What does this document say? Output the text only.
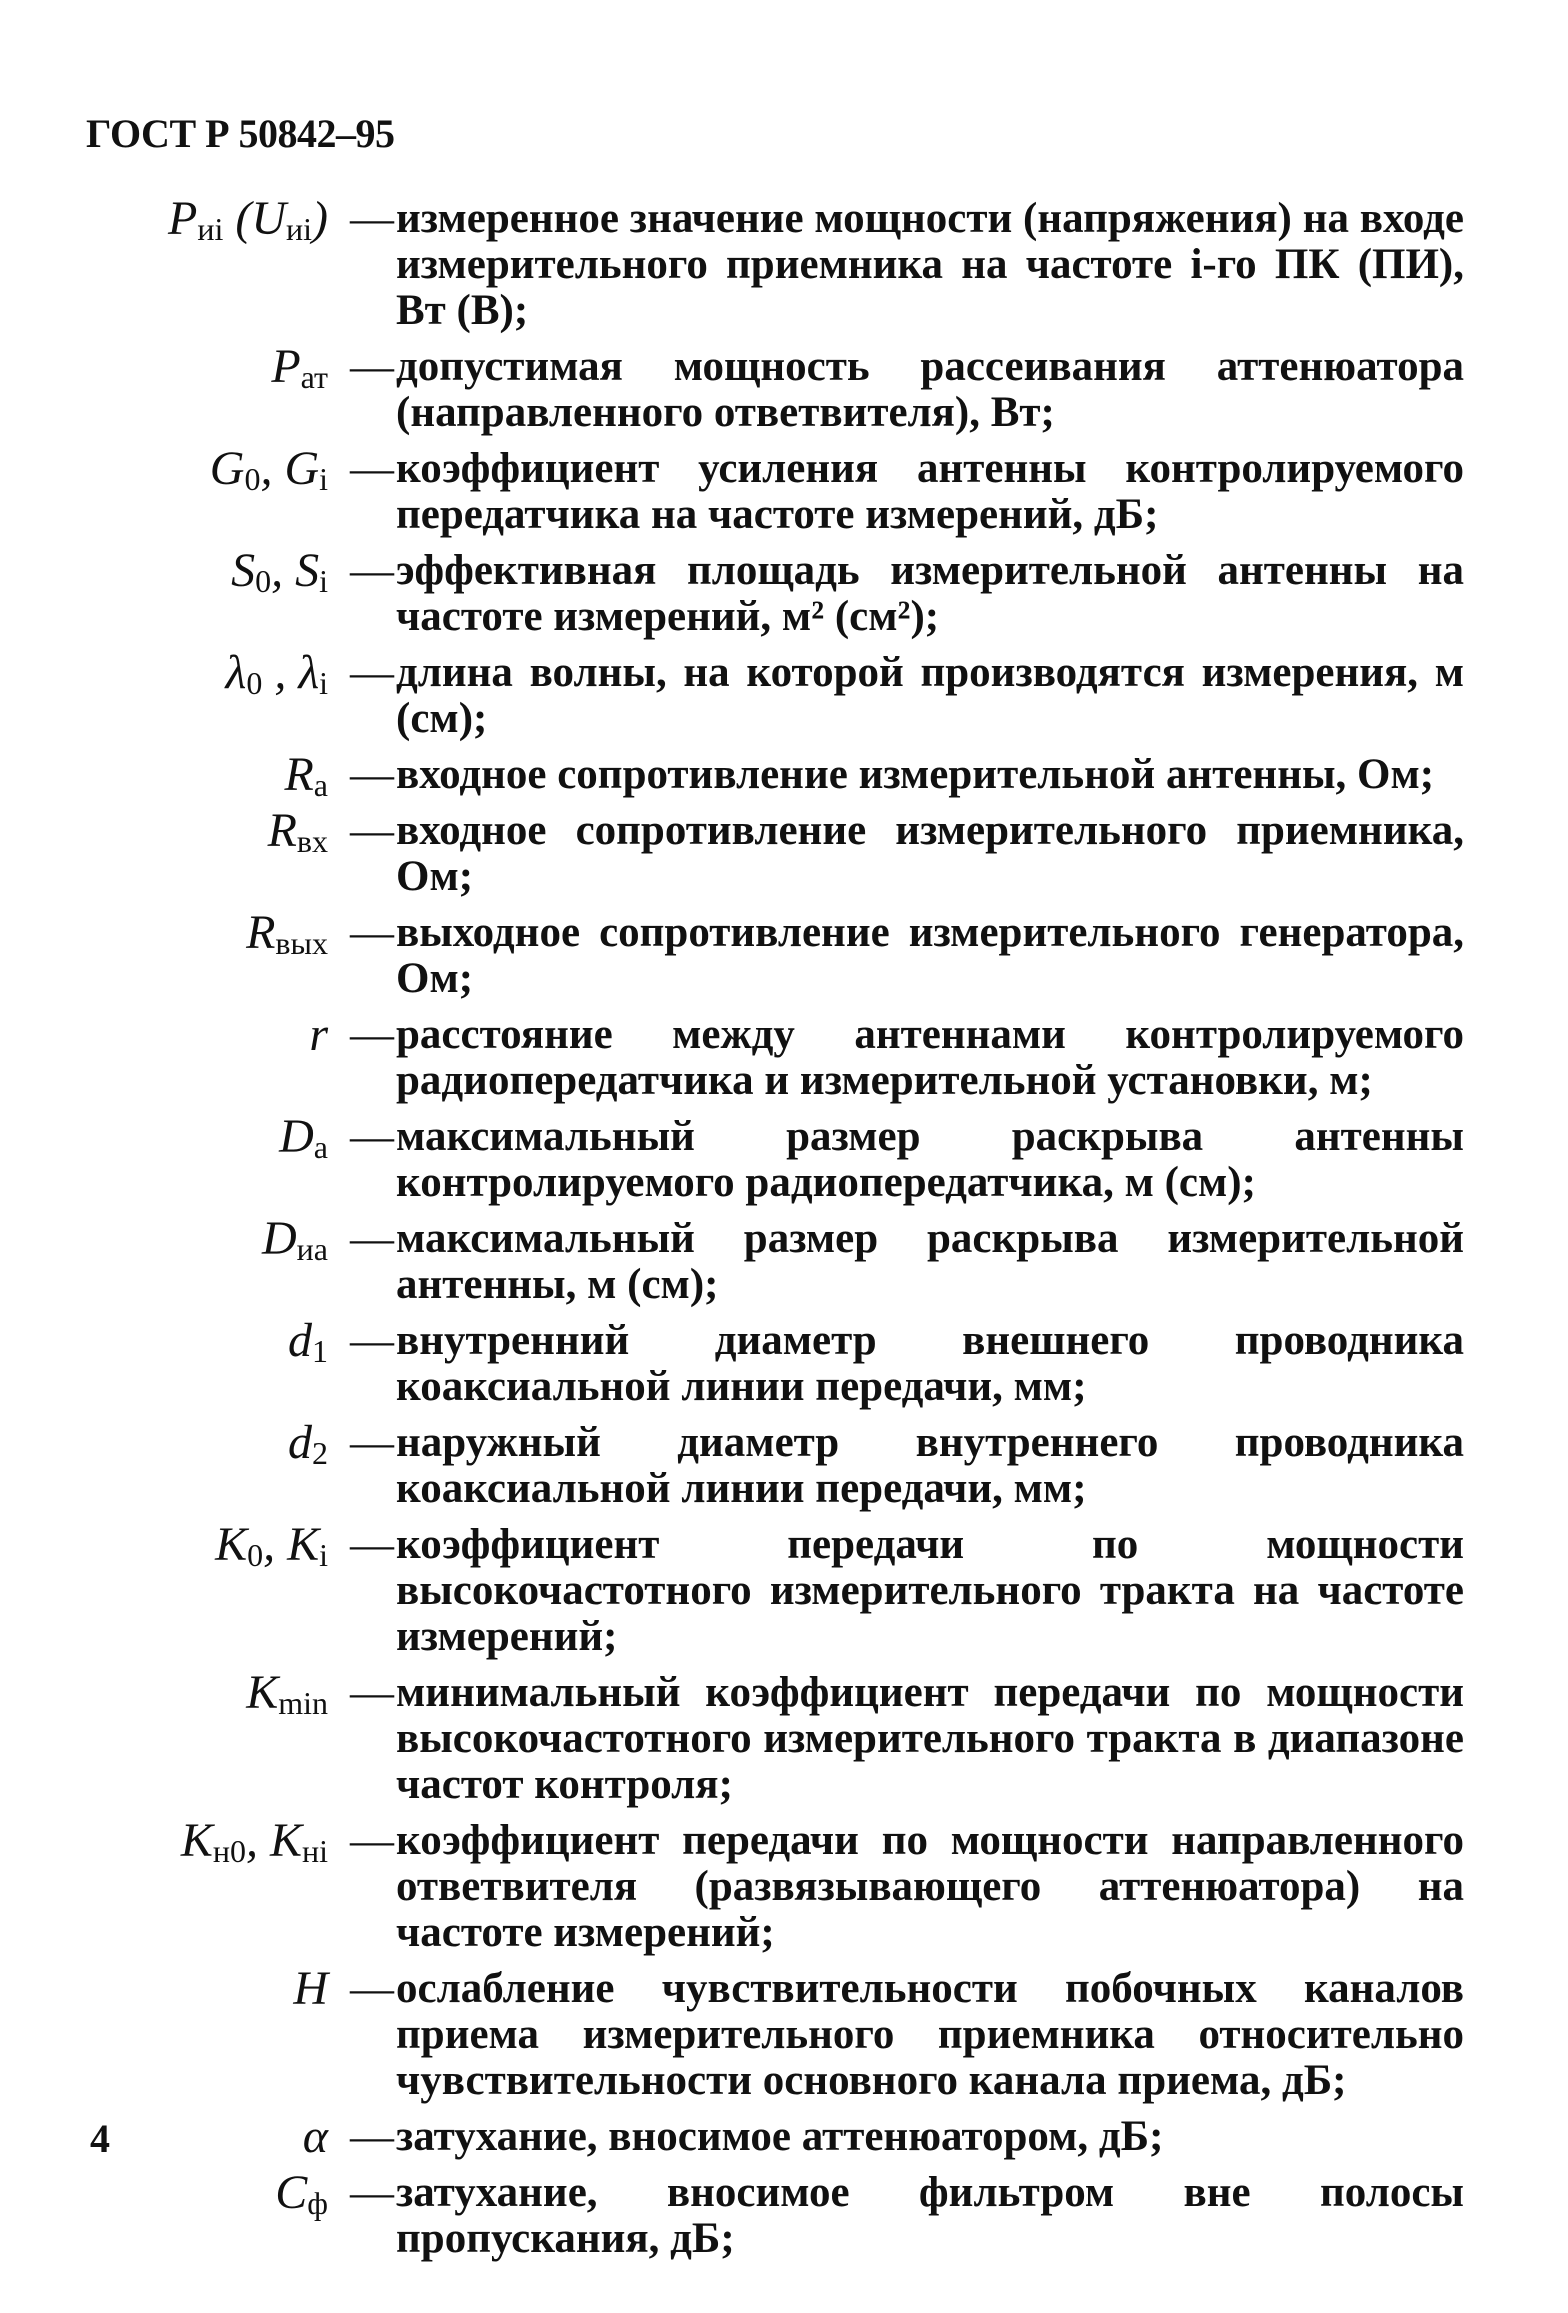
ГОСТ Р 50842–95
$P_{иi}$ $(U_{иi})$ — измеренное значение мощности (напряжения) на входе измерительного приемника на частоте i-го ПК (ПИ), Вт (В);
$P_{ат}$ — допустимая мощность рассеивания аттенюатора (направленного ответвителя), Вт;
$G_0$, $G_i$ — коэффициент усиления антенны контролируемого передатчика на частоте измерений, дБ;
$S_0$, $S_i$ — эффективная площадь измерительной антенны на частоте измерений, м² (см²);
$\lambda_0$ , $\lambda_i$ — длина волны, на которой производятся измерения, м (см);
$R_а$ — входное сопротивление измерительной антенны, Ом;
$R_{вх}$ — входное сопротивление измерительного приемника, Ом;
$R_{вых}$ — выходное сопротивление измерительного генератора, Ом;
r — расстояние между антеннами контролируемого радиопередатчика и измерительной установки, м;
$D_а$ — максимальный размер раскрыва антенны контролируемого радиопередатчика, м (см);
$D_{иа}$ — максимальный размер раскрыва измерительной антенны, м (см);
$d_1$ — внутренний диаметр внешнего проводника коаксиальной линии передачи, мм;
$d_2$ — наружный диаметр внутреннего проводника коаксиальной линии передачи, мм;
$K_0$, $K_i$ — коэффициент передачи по мощности высокочастотного измерительного тракта на частоте измерений;
$K_{min}$ — минимальный коэффициент передачи по мощности высокочастотного измерительного тракта в диапазоне частот контроля;
$K_{н0}$, $K_{нi}$ — коэффициент передачи по мощности направленного ответвителя (развязывающего аттенюатора) на частоте измерений;
H — ослабление чувствительности побочных каналов приема измерительного приемника относительно чувствительности основного канала приема, дБ;
α — затухание, вносимое аттенюатором, дБ;
$C_ф$ — затухание, вносимое фильтром вне полосы пропускания, дБ;
4
